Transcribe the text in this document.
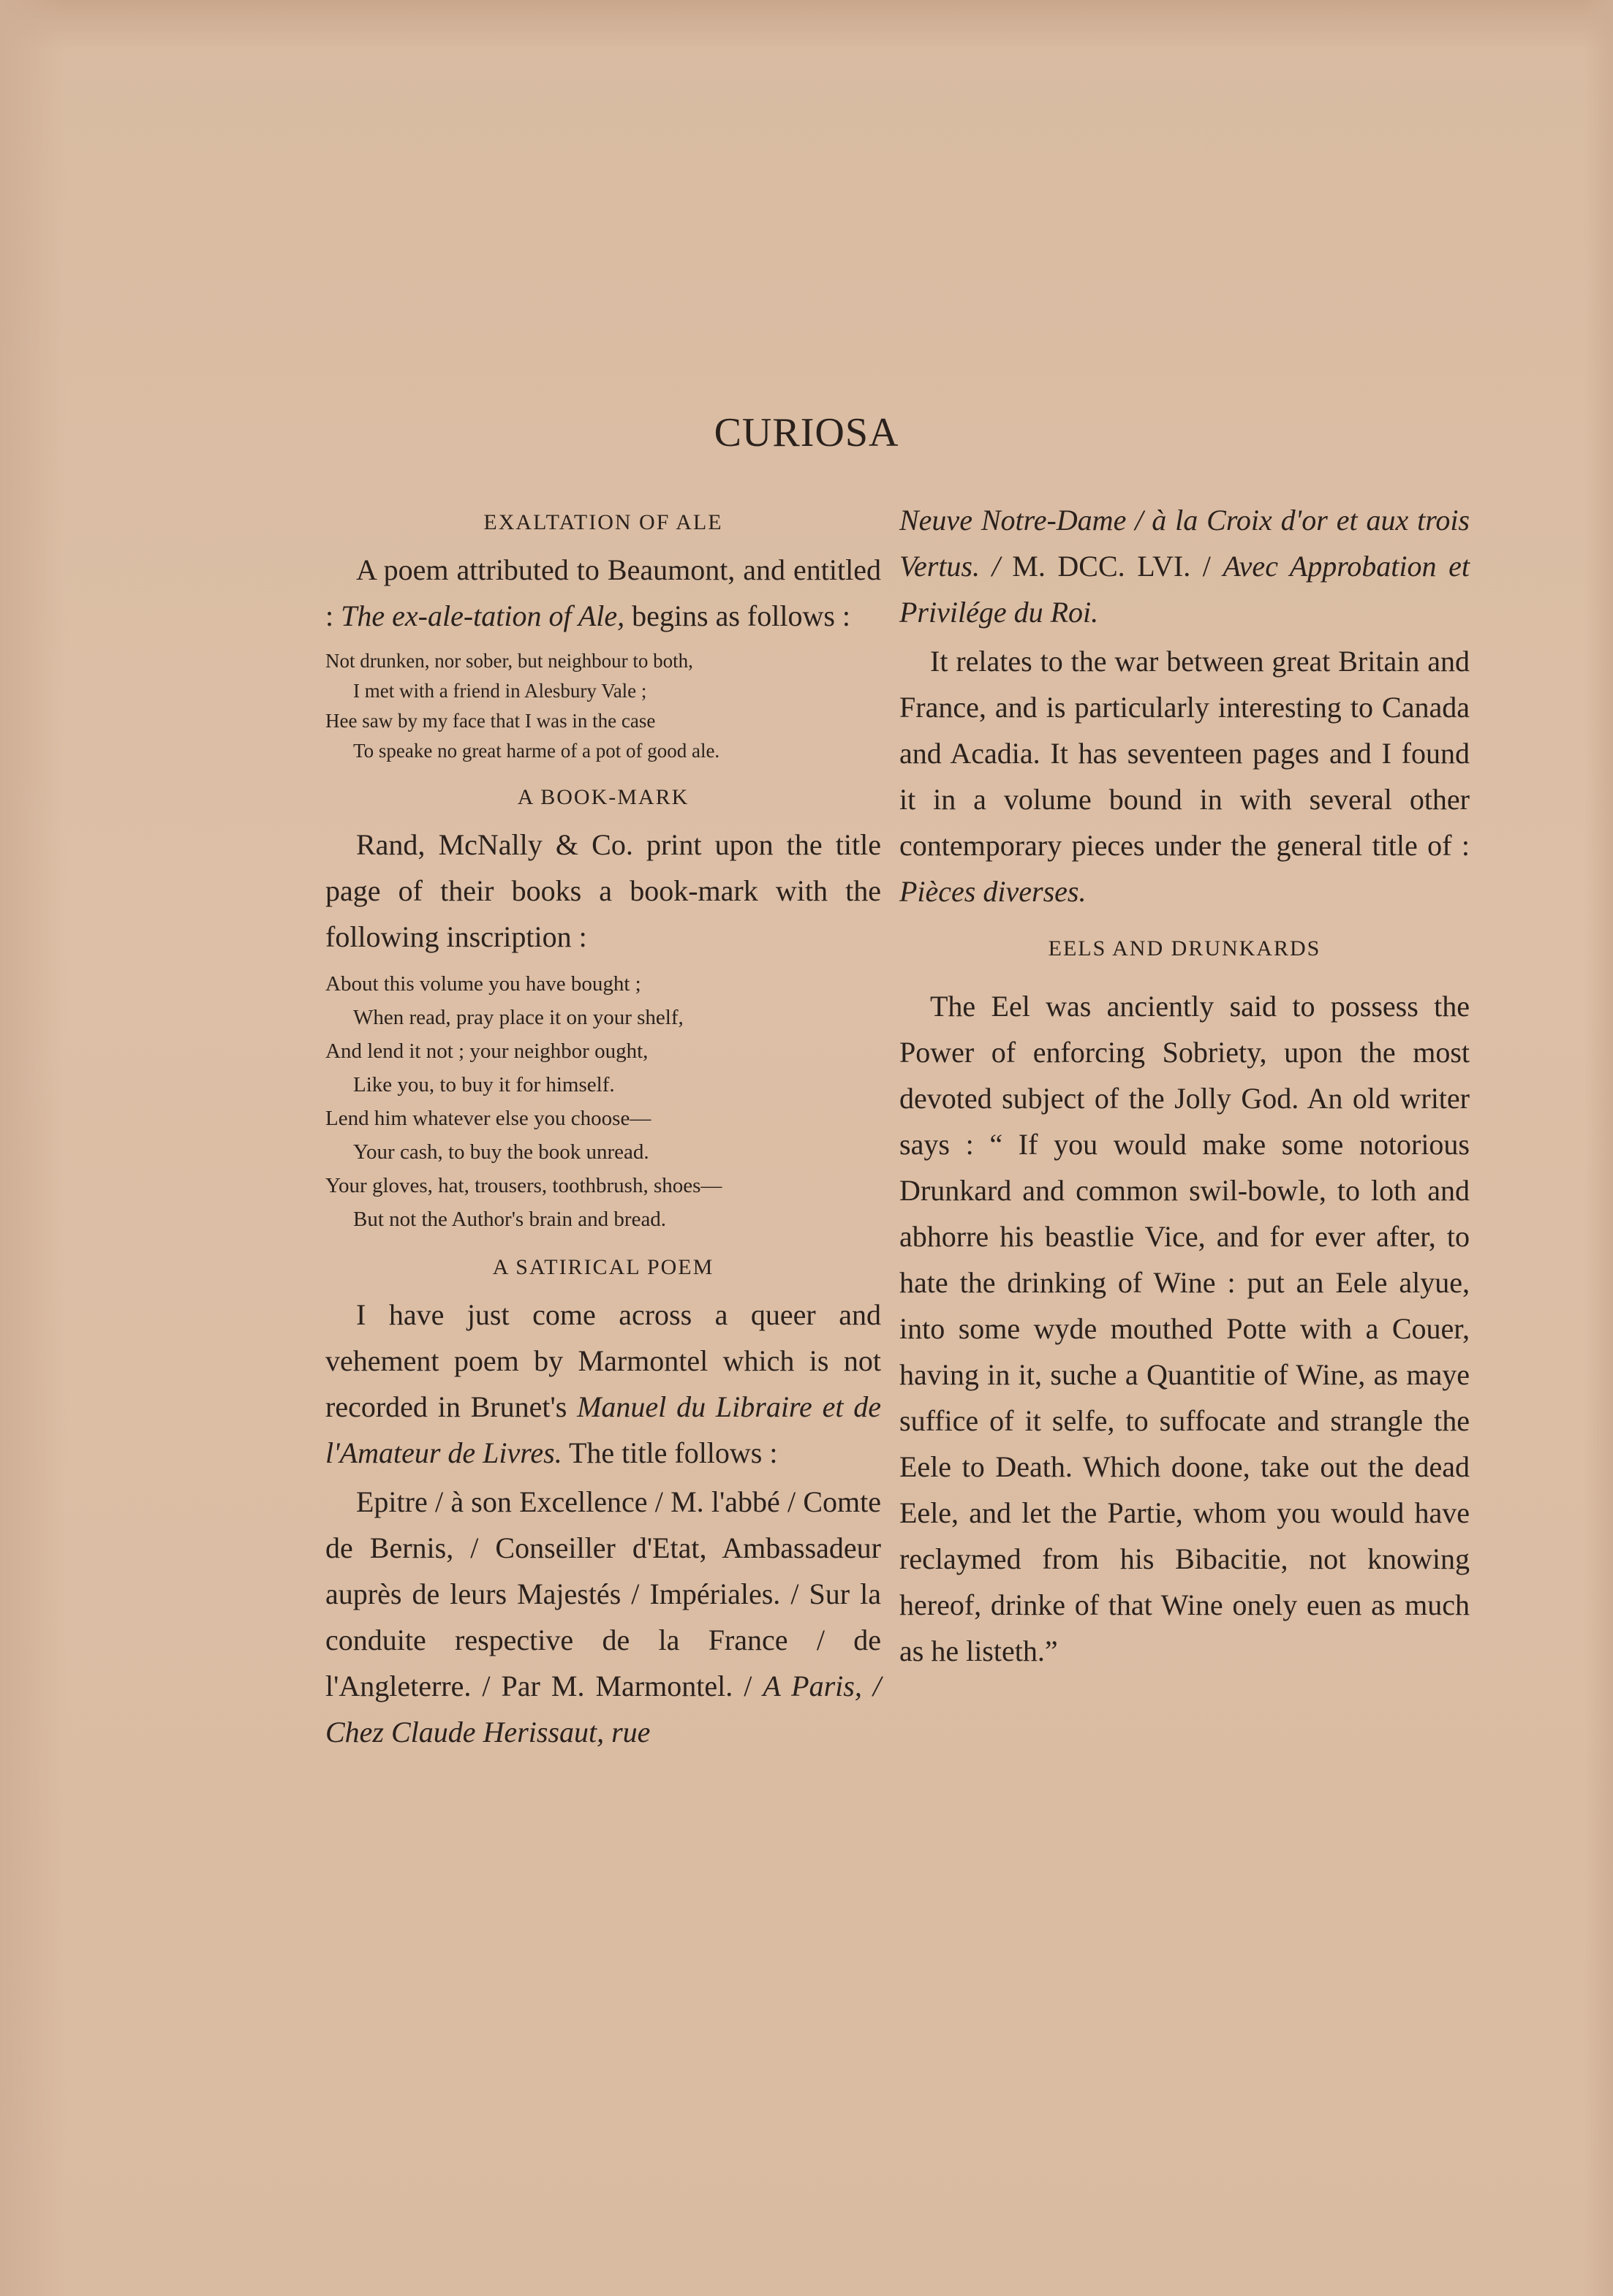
CURIOSA
EXALTATION OF ALE

A poem attributed to Beaumont, and entitled : The ex-ale-tation of Ale, begins as follows :

Not drunken, nor sober, but neighbour to both,
I met with a friend in Alesbury Vale ;
Hee saw by my face that I was in the case
To speake no great harme of a pot of good ale.
A BOOK-MARK

Rand, McNally & Co. print upon the title page of their books a book-mark with the following inscription :

About this volume you have bought ;
When read, pray place it on your shelf,
And lend it not ; your neighbor ought,
Like you, to buy it for himself.
Lend him whatever else you choose—
Your cash, to buy the book unread.
Your gloves, hat, trousers, toothbrush, shoes—
But not the Author's brain and bread.
A SATIRICAL POEM

I have just come across a queer and vehement poem by Marmontel which is not recorded in Brunet's Manuel du Libraire et de l'Amateur de Livres. The title follows :

Epitre / à son Excellence / M. l'abbé / Comte de Bernis, / Conseiller d'Etat, Ambassadeur auprès de leurs Majestés / Impériales. / Sur la conduite respective de la France / de l'Angleterre. / Par M. Marmontel. / A Paris, / Chez Claude Herissaut, rue

Neuve Notre-Dame / à la Croix d'or et aux trois Vertus. / M. DCC. LVI. / Avec Approbation et Privilége du Roi.

It relates to the war between great Britain and France, and is particularly interesting to Canada and Acadia. It has seventeen pages and I found it in a volume bound in with several other contemporary pieces under the general title of : Pièces diverses.

EELS AND DRUNKARDS

The Eel was anciently said to possess the Power of enforcing Sobriety, upon the most devoted subject of the Jolly God. An old writer says : “ If you would make some notorious Drunkard and common swil-bowle, to loth and abhorre his beastlie Vice, and for ever after, to hate the drinking of Wine : put an Eele alyue, into some wyde mouthed Potte with a Couer, having in it, suche a Quantitie of Wine, as maye suffice of it selfe, to suffocate and strangle the Eele to Death. Which doone, take out the dead Eele, and let the Partie, whom you would have reclaymed from his Bibacitie, not knowing hereof, drinke of that Wine onely euen as much as he listeth.”
